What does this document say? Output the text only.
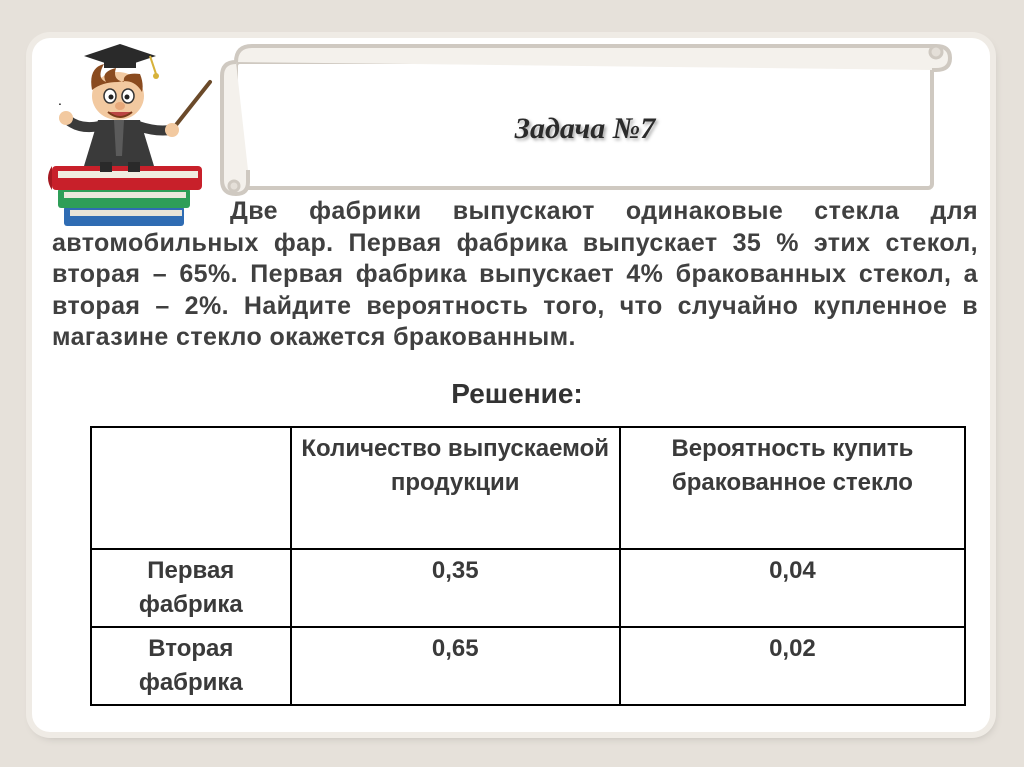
.
Задача №7

Две фабрики выпускают одинаковые стекла для автомобильных фар. Первая фабрика выпускает 35 % этих стекол, вторая – 65%. Первая фабрика выпускает 4% бракованных стекол, а вторая – 2%. Найдите вероятность того, что случайно купленное в магазине стекло окажется бракованным.

Решение:
	Количество выпускаемой продукции	Вероятность купить бракованное стекло
Первая фабрика	0,35	0,04
Вторая фабрика	0,65	0,02
